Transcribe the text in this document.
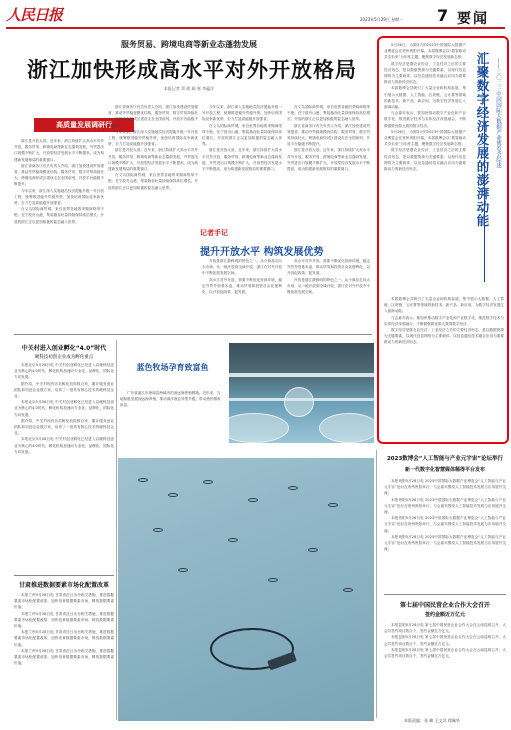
人民日报	2023年5月29日 星期一 7 要闻
服务贸易、跨境电商等新业态蓬勃发展
浙江加快形成高水平对外开放格局
本报记者 窦 皓 顾 春 李蕴洋
高质量发展调研行

浙江是开放大省。近年来，浙江持续扩大高水平对外开放，服务贸易、跨境电商等新业态蓬勃发展，外贸进出口规模不断扩大，开放型经济发展水平不断提高，成为构建新发展格局的重要窗口。

浙江省商务厅有关负责人介绍，浙江加快建设贸易强省，推动外贸稳规模优结构，服务贸易、数字贸易持续壮大，跨境电商综试区建设走在全国前列，开放平台能级不断提升。

今年以来，浙江深入实施地瓜经济提能升级一号开放工程，统筹推进稳外贸稳外资，加快培育国际竞争新优势，全力打造高能级开放强省。

在义乌国际商贸城，来自世界各地的采购商络绎不绝；在宁波舟山港，集装箱吞吐量持续保持高位增长。开放的浙江正以更加积极的姿态融入世界。

浙江省商务厅有关负责人介绍，浙江加快建设贸易强省，推动外贸稳规模优结构，服务贸易、数字贸易持续壮大，跨境电商综试区建设走在全国前列，开放平台能级不断提升。

今年以来，浙江深入实施地瓜经济提能升级一号开放工程，统筹推进稳外贸稳外资，加快培育国际竞争新优势，全力打造高能级开放强省。

浙江是开放大省。近年来，浙江持续扩大高水平对外开放，服务贸易、跨境电商等新业态蓬勃发展，外贸进出口规模不断扩大，开放型经济发展水平不断提高，成为构建新发展格局的重要窗口。

在义乌国际商贸城，来自世界各地的采购商络绎不绝；在宁波舟山港，集装箱吞吐量持续保持高位增长。开放的浙江正以更加积极的姿态融入世界。

今年以来，浙江深入实施地瓜经济提能升级一号开放工程，统筹推进稳外贸稳外资，加快培育国际竞争新优势，全力打造高能级开放强省。

在义乌国际商贸城，来自世界各地的采购商络绎不绝；在宁波舟山港，集装箱吞吐量持续保持高位增长。开放的浙江正以更加积极的姿态融入世界。

浙江是开放大省。近年来，浙江持续扩大高水平对外开放，服务贸易、跨境电商等新业态蓬勃发展，外贸进出口规模不断扩大，开放型经济发展水平不断提高，成为构建新发展格局的重要窗口。

在义乌国际商贸城，来自世界各地的采购商络绎不绝；在宁波舟山港，集装箱吞吐量持续保持高位增长。开放的浙江正以更加积极的姿态融入世界。

浙江省商务厅有关负责人介绍，浙江加快建设贸易强省，推动外贸稳规模优结构，服务贸易、数字贸易持续壮大，跨境电商综试区建设走在全国前列，开放平台能级不断提升。

浙江是开放大省。近年来，浙江持续扩大高水平对外开放，服务贸易、跨境电商等新业态蓬勃发展，外贸进出口规模不断扩大，开放型经济发展水平不断提高，成为构建新发展格局的重要窗口。

记者手记
提升开放水平 构筑发展优势

开放是浙江最鲜明的特色之一。从小商品走向大市场，从一地开放到全域开放，浙江在对外开放中不断拓展发展空间。

高水平对外开放，需要不断优化营商环境，稳定外贸外资基本盘，推动贸易和投资自由化便利化，以开放促改革、促发展。

高水平对外开放，需要不断优化营商环境，稳定外贸外资基本盘，推动贸易和投资自由化便利化，以开放促改革、促发展。

开放是浙江最鲜明的特色之一。从小商品走向大市场，从一地开放到全域开放，浙江在对外开放中不断拓展发展空间。

汇聚数字经济发展的澎湃动能 ——二〇二三中国国际大数据产业博览会综述

5月26日，为期3天的2023中国国际大数据产业博览会在贵州贵阳开幕。本届数博会以“数智驱动 共享未来”为年度主题，聚焦数字经济发展新态势。

数字经济是继农业经济、工业经济之后的主要经济形态，是以数据资源为关键要素，以现代信息网络为主要载体，以信息通信技术融合应用为重要推动力的新经济形态。

本届数博会共吸引了大量企业和机构参展，集中展示大数据、人工智能、区块链、云计算等领域的新技术、新产品、新应用，为数字经济发展注入澎湃动能。

与会嘉宾表示，要加快推动数字产业化和产业数字化，推进数字技术与实体经济深度融合，不断做强做优做大我国数字经济。

5月26日，为期3天的2023中国国际大数据产业博览会在贵州贵阳开幕。本届数博会以“数智驱动 共享未来”为年度主题，聚焦数字经济发展新态势。

数字经济是继农业经济、工业经济之后的主要经济形态，是以数据资源为关键要素，以现代信息网络为主要载体，以信息通信技术融合应用为重要推动力的新经济形态。

本届数博会共吸引了大量企业和机构参展，集中展示大数据、人工智能、区块链、云计算等领域的新技术、新产品、新应用，为数字经济发展注入澎湃动能。

与会嘉宾表示，要加快推动数字产业化和产业数字化，推进数字技术与实体经济深度融合，不断做强做优做大我国数字经济。

数字经济是继农业经济、工业经济之后的主要经济形态，是以数据资源为关键要素，以现代信息网络为主要载体，以信息通信技术融合应用为重要推动力的新经济形态。

中关村进入创业孵化“4.0”时代
硬科技初创企业成为孵化重点

本报北京5月28日电 中关村创业孵化已经进入以硬科技创业为核心的4.0时代，孵化机构加速向专业化、品牌化、国际化方向发展。

据介绍，中关村现有各类孵化机构数百家，累计服务创业团队和初创企业数万家，培育了一批具有核心技术的硬科技企业。

本报北京5月28日电 中关村创业孵化已经进入以硬科技创业为核心的4.0时代，孵化机构加速向专业化、品牌化、国际化方向发展。

据介绍，中关村现有各类孵化机构数百家，累计服务创业团队和初创企业数万家，培育了一批具有核心技术的硬科技企业。

本报北京5月28日电 中关村创业孵化已经进入以硬科技创业为核心的4.0时代，孵化机构加速向专业化、品牌化、国际化方向发展。

甘肃推进数据要素市场化配置改革

本报兰州5月28日电 甘肃省近日出台相关措施，推进数据要素市场化配置改革，加快培育数据要素市场，释放数据要素价值。

本报兰州5月28日电 甘肃省近日出台相关措施，推进数据要素市场化配置改革，加快培育数据要素市场，释放数据要素价值。

本报兰州5月28日电 甘肃省近日出台相关措施，推进数据要素市场化配置改革，加快培育数据要素市场，释放数据要素价值。

本报兰州5月28日电 甘肃省近日出台相关措施，推进数据要素市场化配置改革，加快培育数据要素市场，释放数据要素价值。

蓝色牧场孕育致富鱼

广东省湛江市徐闻县海域内的深远海养殖网箱。近年来，当地积极发展深远海养殖，推动海洋渔业转型升级，带动渔民增收致富。

2023数博会“人工智能与产业元宇宙”论坛举行
新一代数字化智慧媒体稀得平台发布

本报贵阳5月28日电 2023中国国际大数据产业博览会“人工智能与产业元宇宙”论坛在贵州贵阳举行，与会嘉宾围绕人工智能技术发展与应用展开交流。

本报贵阳5月28日电 2023中国国际大数据产业博览会“人工智能与产业元宇宙”论坛在贵州贵阳举行，与会嘉宾围绕人工智能技术发展与应用展开交流。

本报贵阳5月28日电 2023中国国际大数据产业博览会“人工智能与产业元宇宙”论坛在贵州贵阳举行，与会嘉宾围绕人工智能技术发展与应用展开交流。

本报贵阳5月28日电 2023中国国际大数据产业博览会“人工智能与产业元宇宙”论坛在贵州贵阳举行，与会嘉宾围绕人工智能技术发展与应用展开交流。

第七届中国民营企业合作大会召开
签约金额近万亿元

本报昆明5月28日电 第七届中国民营企业合作大会在云南昆明召开，大会共签约项目数百个，签约金额近万亿元。

本报昆明5月28日电 第七届中国民营企业合作大会在云南昆明召开，大会共签约项目数百个，签约金额近万亿元。

本报昆明5月28日电 第七届中国民营企业合作大会在云南昆明召开，大会共签约项目数百个，签约金额近万亿元。

本版责编：张 峰 王文洋 徐佩华
